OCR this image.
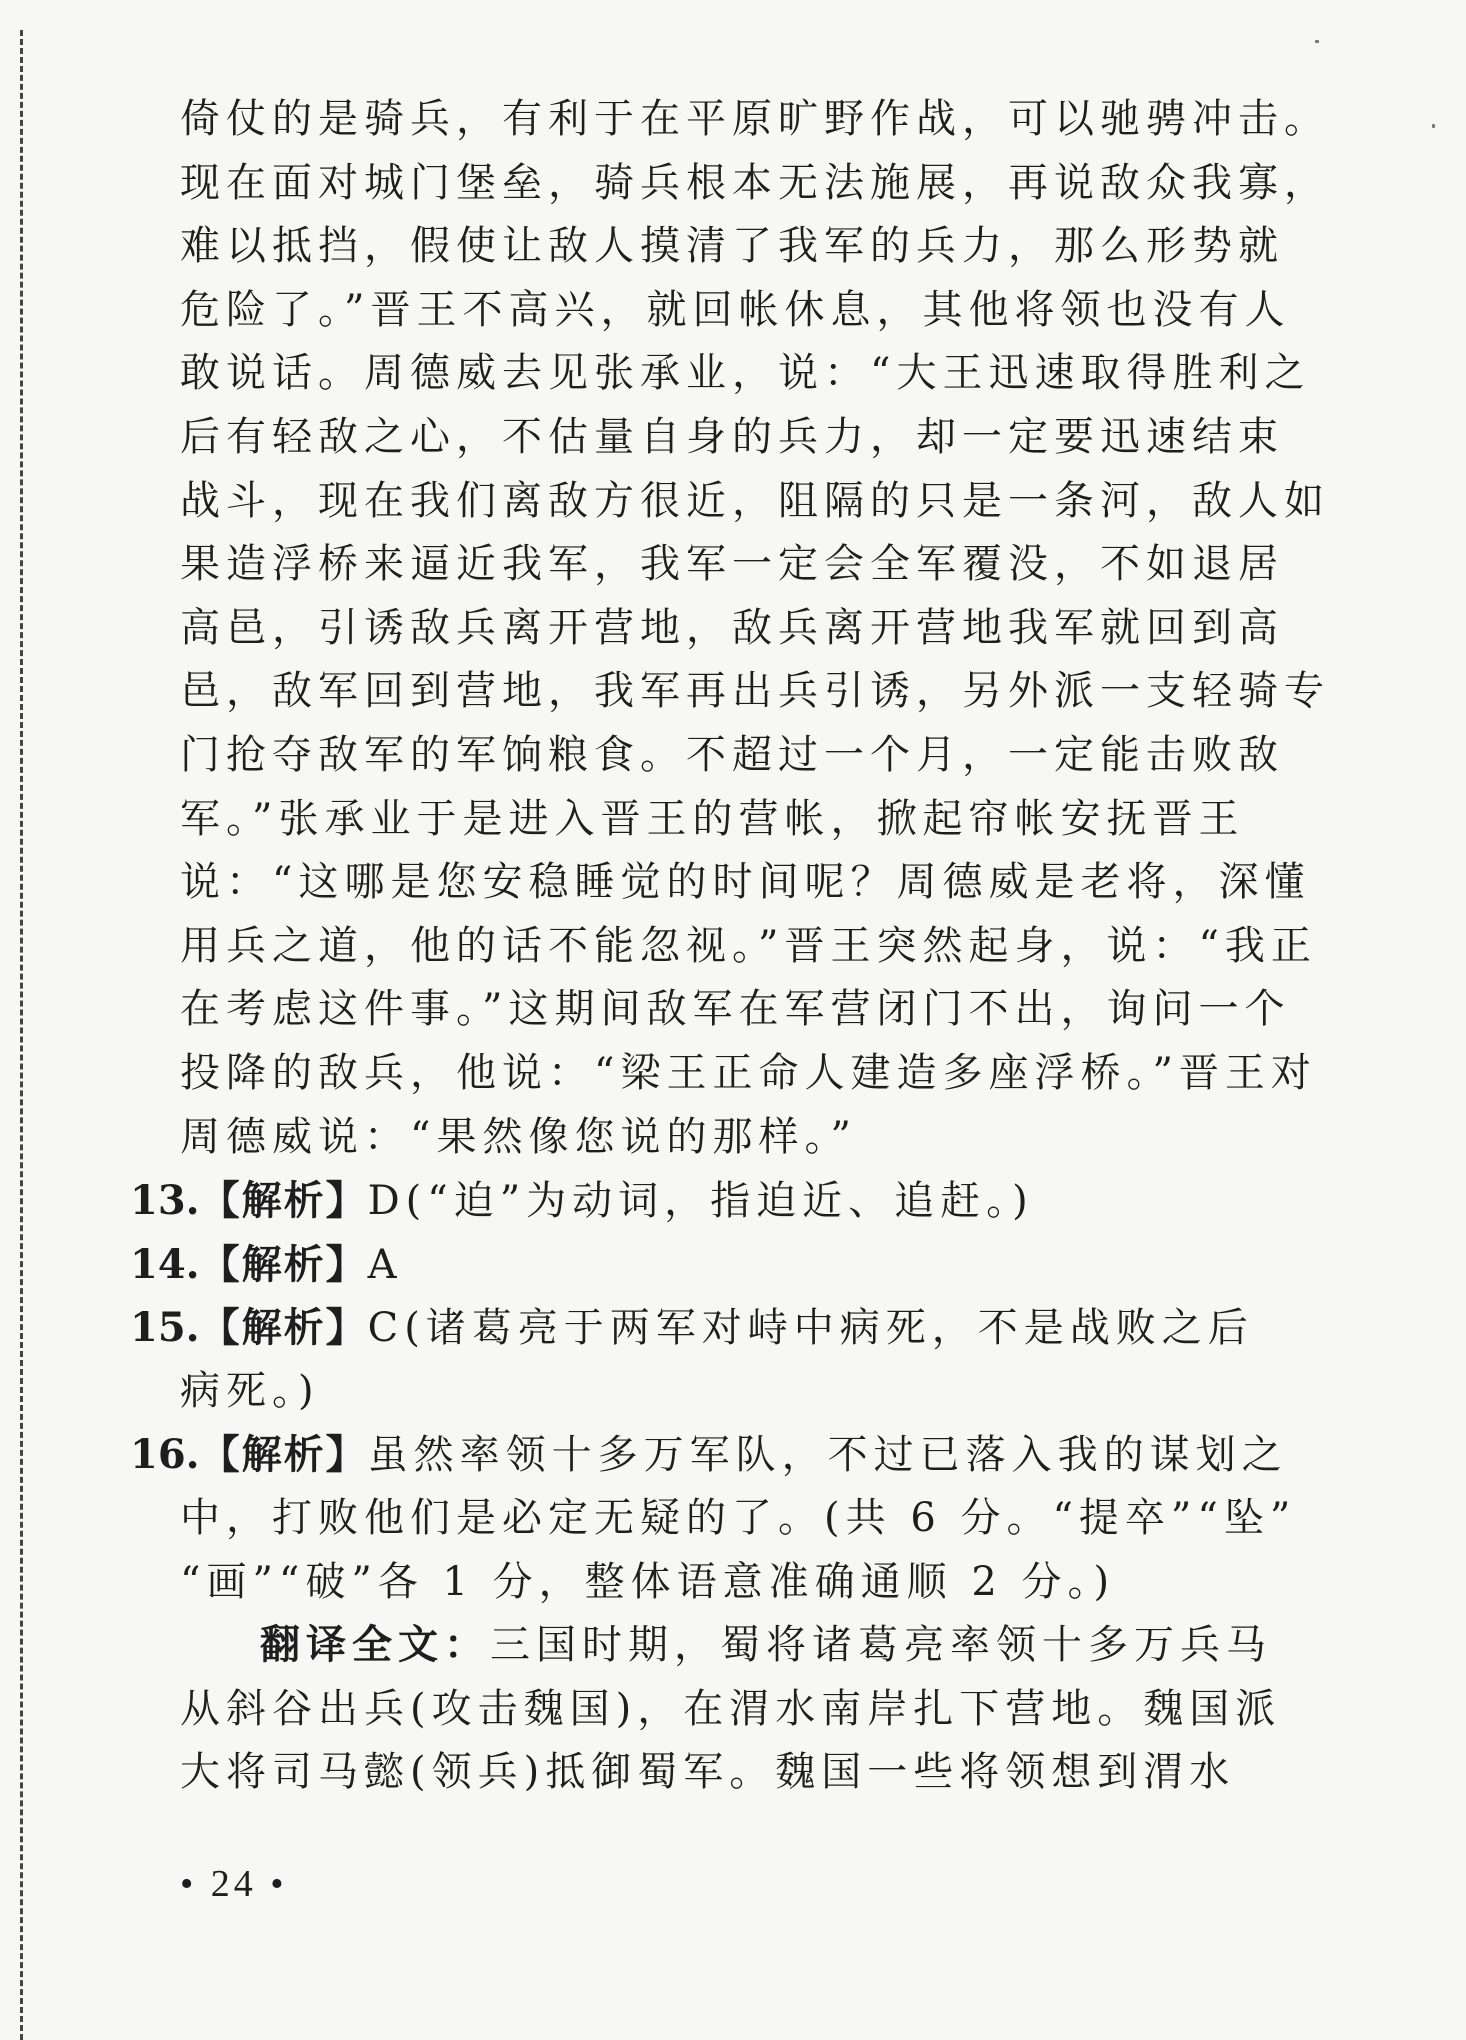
倚仗的是骑兵，有利于在平原旷野作战，可以驰骋冲击。
现在面对城门堡垒，骑兵根本无法施展，再说敌众我寡，
难以抵挡，假使让敌人摸清了我军的兵力，那么形势就
危险了。”晋王不高兴，就回帐休息，其他将领也没有人
敢说话。周德威去见张承业，说：“大王迅速取得胜利之
后有轻敌之心，不估量自身的兵力，却一定要迅速结束
战斗，现在我们离敌方很近，阻隔的只是一条河，敌人如
果造浮桥来逼近我军，我军一定会全军覆没，不如退居
高邑，引诱敌兵离开营地，敌兵离开营地我军就回到高
邑，敌军回到营地，我军再出兵引诱，另外派一支轻骑专
门抢夺敌军的军饷粮食。不超过一个月，一定能击败敌
军。”张承业于是进入晋王的营帐，掀起帘帐安抚晋王
说：“这哪是您安稳睡觉的时间呢？周德威是老将，深懂
用兵之道，他的话不能忽视。”晋王突然起身，说：“我正
在考虑这件事。”这期间敌军在军营闭门不出，询问一个
投降的敌兵，他说：“梁王正命人建造多座浮桥。”晋王对
周德威说：“果然像您说的那样。”
13.【解析】D(“迫”为动词，指迫近、追赶。)
14.【解析】A
15.【解析】C(诸葛亮于两军对峙中病死，不是战败之后
病死。)
16.【解析】虽然率领十多万军队，不过已落入我的谋划之
中，打败他们是必定无疑的了。(共 6 分。“提卒”“坠”
“画”“破”各 1 分，整体语意准确通顺 2 分。)
翻译全文：三国时期，蜀将诸葛亮率领十多万兵马
从斜谷出兵(攻击魏国)，在渭水南岸扎下营地。魏国派
大将司马懿(领兵)抵御蜀军。魏国一些将领想到渭水
• 24 •
